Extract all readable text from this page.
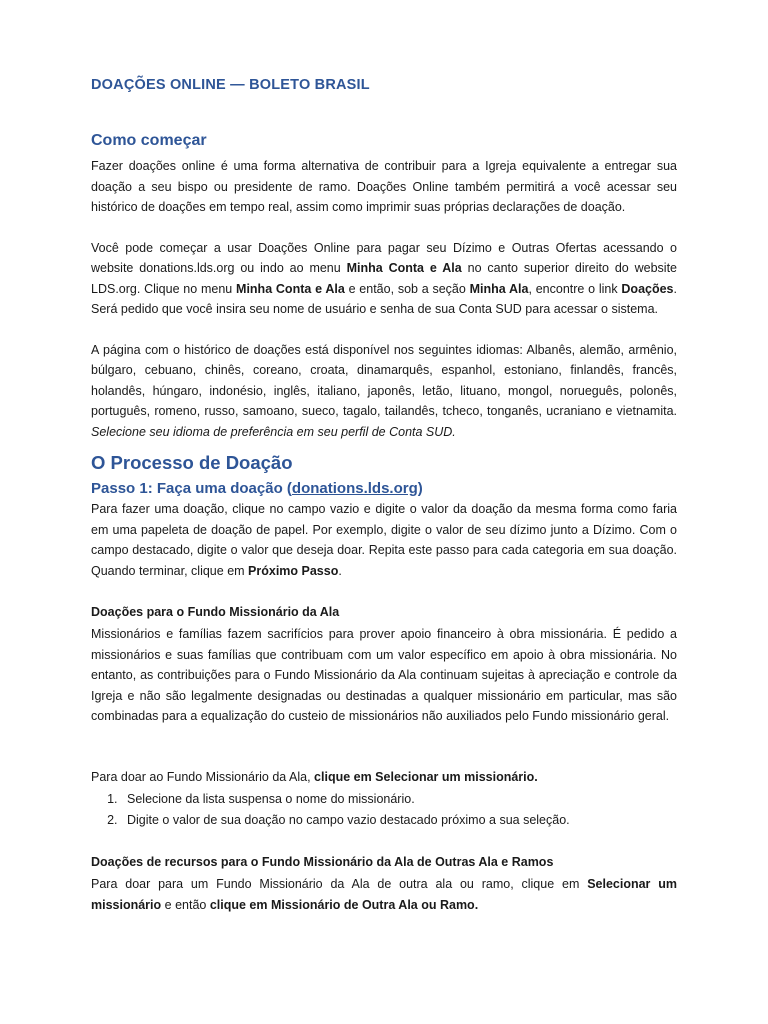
DOAÇÕES ONLINE — BOLETO BRASIL
Como começar

Fazer doações online é uma forma alternativa de contribuir para a Igreja equivalente a entregar sua doação a seu bispo ou presidente de ramo. Doações Online também permitirá a você acessar seu histórico de doações em tempo real, assim como imprimir suas próprias declarações de doação.

Você pode começar a usar Doações Online para pagar seu Dízimo e Outras Ofertas acessando o website donations.lds.org ou indo ao menu Minha Conta e Ala no canto superior direito do website LDS.org. Clique no menu Minha Conta e Ala e então, sob a seção Minha Ala, encontre o link Doações. Será pedido que você insira seu nome de usuário e senha de sua Conta SUD para acessar o sistema.

A página com o histórico de doações está disponível nos seguintes idiomas: Albanês, alemão, armênio, búlgaro, cebuano, chinês, coreano, croata, dinamarquês, espanhol, estoniano, finlandês, francês, holandês, húngaro, indonésio, inglês, italiano, japonês, letão, lituano, mongol, norueguês, polonês, português, romeno, russo, samoano, sueco, tagalo, tailandês, tcheco, tonganês, ucraniano e vietnamita. Selecione seu idioma de preferência em seu perfil de Conta SUD.

O Processo de Doação
Passo 1: Faça uma doação (donations.lds.org)

Para fazer uma doação, clique no campo vazio e digite o valor da doação da mesma forma como faria em uma papeleta de doação de papel. Por exemplo, digite o valor de seu dízimo junto a Dízimo. Com o campo destacado, digite o valor que deseja doar. Repita este passo para cada categoria em sua doação. Quando terminar, clique em Próximo Passo.

Doações para o Fundo Missionário da Ala

Missionários e famílias fazem sacrifícios para prover apoio financeiro à obra missionária. É pedido a missionários e suas famílias que contribuam com um valor específico em apoio à obra missionária. No entanto, as contribuições para o Fundo Missionário da Ala continuam sujeitas à apreciação e controle da Igreja e não são legalmente designadas ou destinadas a qualquer missionário em particular, mas são combinadas para a equalização do custeio de missionários não auxiliados pelo Fundo missionário geral.

Para doar ao Fundo Missionário da Ala, clique em Selecionar um missionário.

1. Selecione da lista suspensa o nome do missionário.
2. Digite o valor de sua doação no campo vazio destacado próximo a sua seleção.

Doações de recursos para o Fundo Missionário da Ala de Outras Ala e Ramos

Para doar para um Fundo Missionário da Ala de outra ala ou ramo, clique em Selecionar um missionário e então clique em Missionário de Outra Ala ou Ramo.
